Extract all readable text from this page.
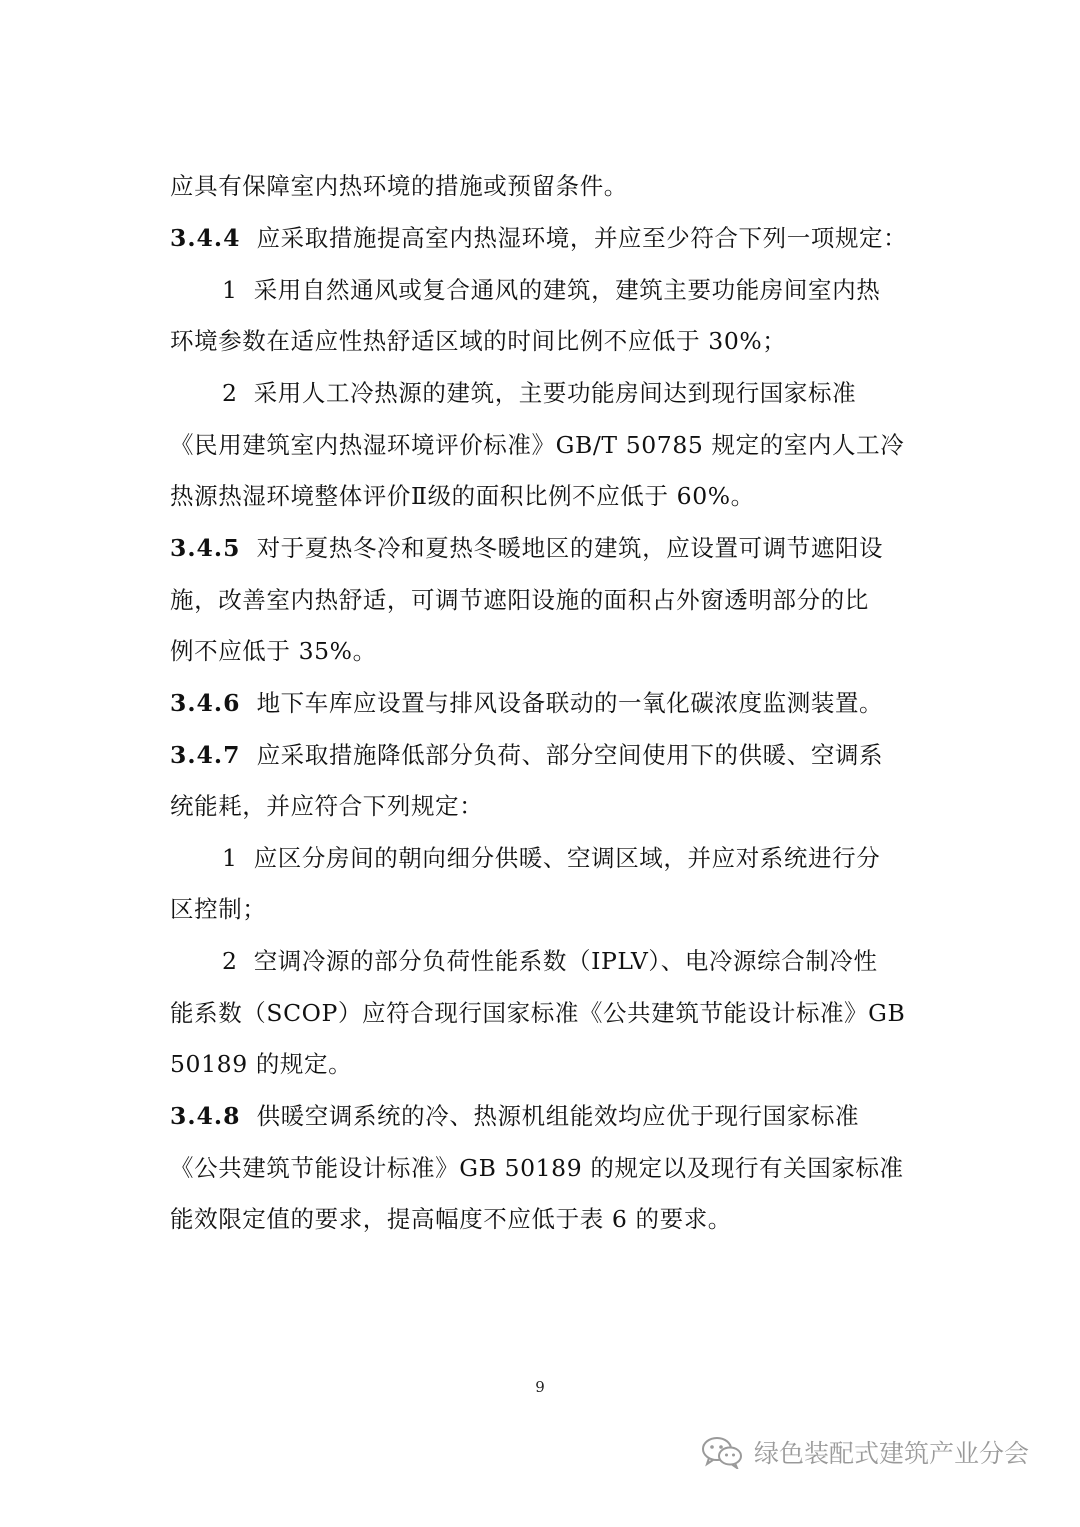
应具有保障室内热环境的措施或预留条件。
3.4.4 应采取措施提高室内热湿环境，并应至少符合下列一项规定：
1 采用自然通风或复合通风的建筑，建筑主要功能房间室内热
环境参数在适应性热舒适区域的时间比例不应低于 30%；
2 采用人工冷热源的建筑，主要功能房间达到现行国家标准
《民用建筑室内热湿环境评价标准》GB/T 50785 规定的室内人工冷
热源热湿环境整体评价Ⅱ级的面积比例不应低于 60%。
3.4.5 对于夏热冬冷和夏热冬暖地区的建筑，应设置可调节遮阳设
施，改善室内热舒适，可调节遮阳设施的面积占外窗透明部分的比
例不应低于 35%。
3.4.6 地下车库应设置与排风设备联动的一氧化碳浓度监测装置。
3.4.7 应采取措施降低部分负荷、部分空间使用下的供暖、空调系
统能耗，并应符合下列规定：
1 应区分房间的朝向细分供暖、空调区域，并应对系统进行分
区控制；
2 空调冷源的部分负荷性能系数（IPLV）、电冷源综合制冷性
能系数（SCOP）应符合现行国家标准《公共建筑节能设计标准》GB
50189 的规定。
3.4.8 供暖空调系统的冷、热源机组能效均应优于现行国家标准
《公共建筑节能设计标准》GB 50189 的规定以及现行有关国家标准
能效限定值的要求，提高幅度不应低于表 6 的要求。
9
绿色装配式建筑产业分会
